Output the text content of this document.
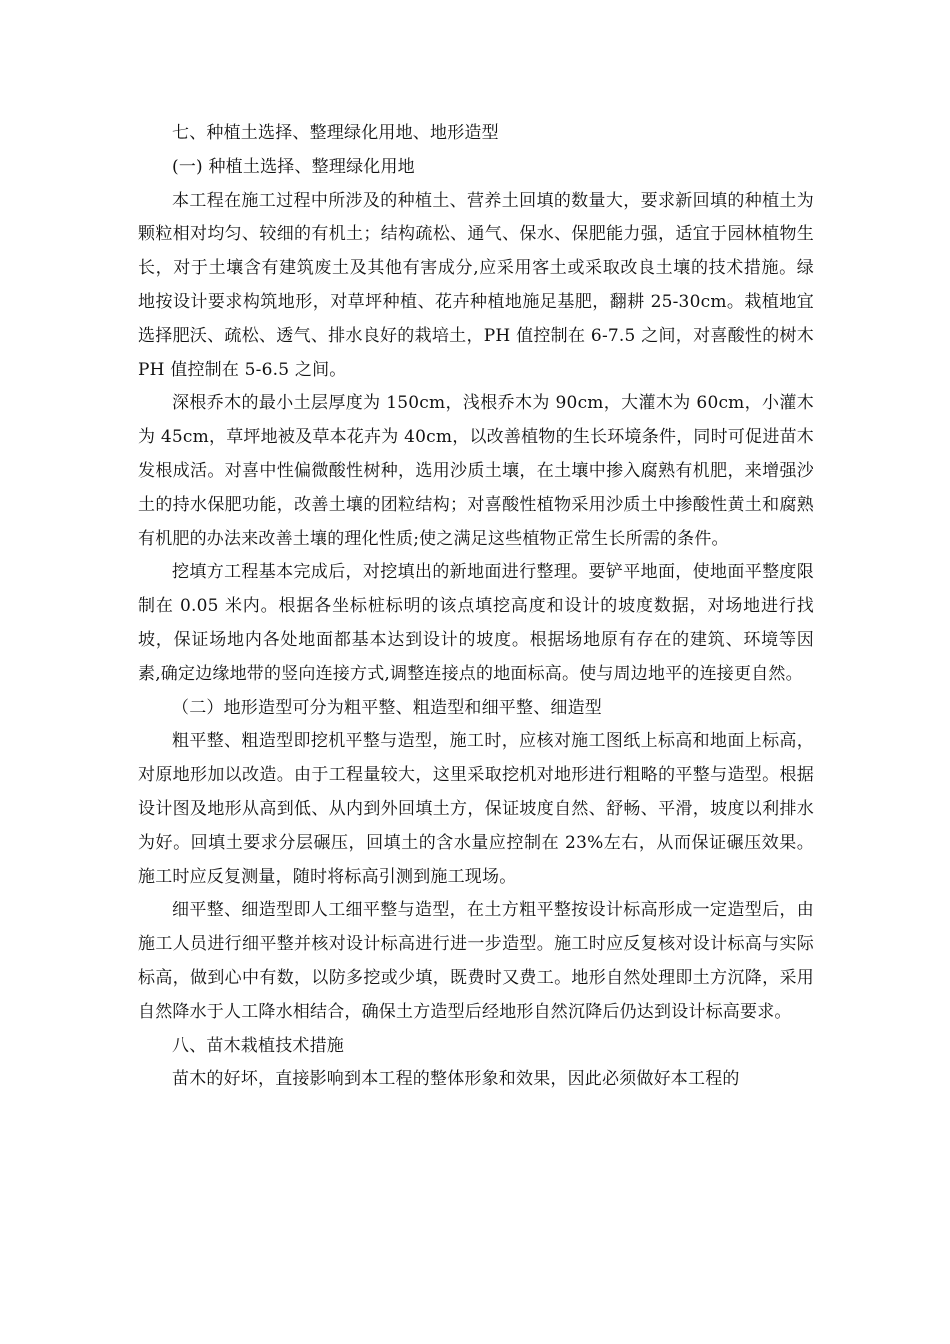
七、种植土选择、整理绿化用地、地形造型

(一) 种植土选择、整理绿化用地

本工程在施工过程中所涉及的种植土、营养土回填的数量大，要求新回填的种植土为颗粒相对均匀、较细的有机土；结构疏松、通气、保水、保肥能力强，适宜于园林植物生长，对于土壤含有建筑废土及其他有害成分,应采用客土或采取改良土壤的技术措施。绿地按设计要求构筑地形，对草坪种植、花卉种植地施足基肥，翻耕 25-30cm。栽植地宜选择肥沃、疏松、透气、排水良好的栽培土，PH 值控制在 6-7.5 之间，对喜酸性的树木 PH 值控制在 5-6.5 之间。

深根乔木的最小土层厚度为 150cm，浅根乔木为 90cm，大灌木为 60cm，小灌木为 45cm，草坪地被及草本花卉为 40cm，以改善植物的生长环境条件，同时可促进苗木发根成活。对喜中性偏微酸性树种，选用沙质土壤，在土壤中掺入腐熟有机肥，来增强沙土的持水保肥功能，改善土壤的团粒结构；对喜酸性植物采用沙质土中掺酸性黄土和腐熟有机肥的办法来改善土壤的理化性质;使之满足这些植物正常生长所需的条件。

挖填方工程基本完成后，对挖填出的新地面进行整理。要铲平地面，使地面平整度限制在 0.05 米内。根据各坐标桩标明的该点填挖高度和设计的坡度数据，对场地进行找坡，保证场地内各处地面都基本达到设计的坡度。根据场地原有存在的建筑、环境等因素,确定边缘地带的竖向连接方式,调整连接点的地面标高。使与周边地平的连接更自然。

（二）地形造型可分为粗平整、粗造型和细平整、细造型

粗平整、粗造型即挖机平整与造型，施工时，应核对施工图纸上标高和地面上标高，对原地形加以改造。由于工程量较大，这里采取挖机对地形进行粗略的平整与造型。根据设计图及地形从高到低、从内到外回填土方，保证坡度自然、舒畅、平滑，坡度以利排水为好。回填土要求分层碾压，回填土的含水量应控制在 23%左右，从而保证碾压效果。施工时应反复测量，随时将标高引测到施工现场。

细平整、细造型即人工细平整与造型，在土方粗平整按设计标高形成一定造型后，由施工人员进行细平整并核对设计标高进行进一步造型。施工时应反复核对设计标高与实际标高，做到心中有数，以防多挖或少填，既费时又费工。地形自然处理即土方沉降，采用自然降水于人工降水相结合，确保土方造型后经地形自然沉降后仍达到设计标高要求。

八、苗木栽植技术措施

苗木的好坏，直接影响到本工程的整体形象和效果，因此必须做好本工程的
